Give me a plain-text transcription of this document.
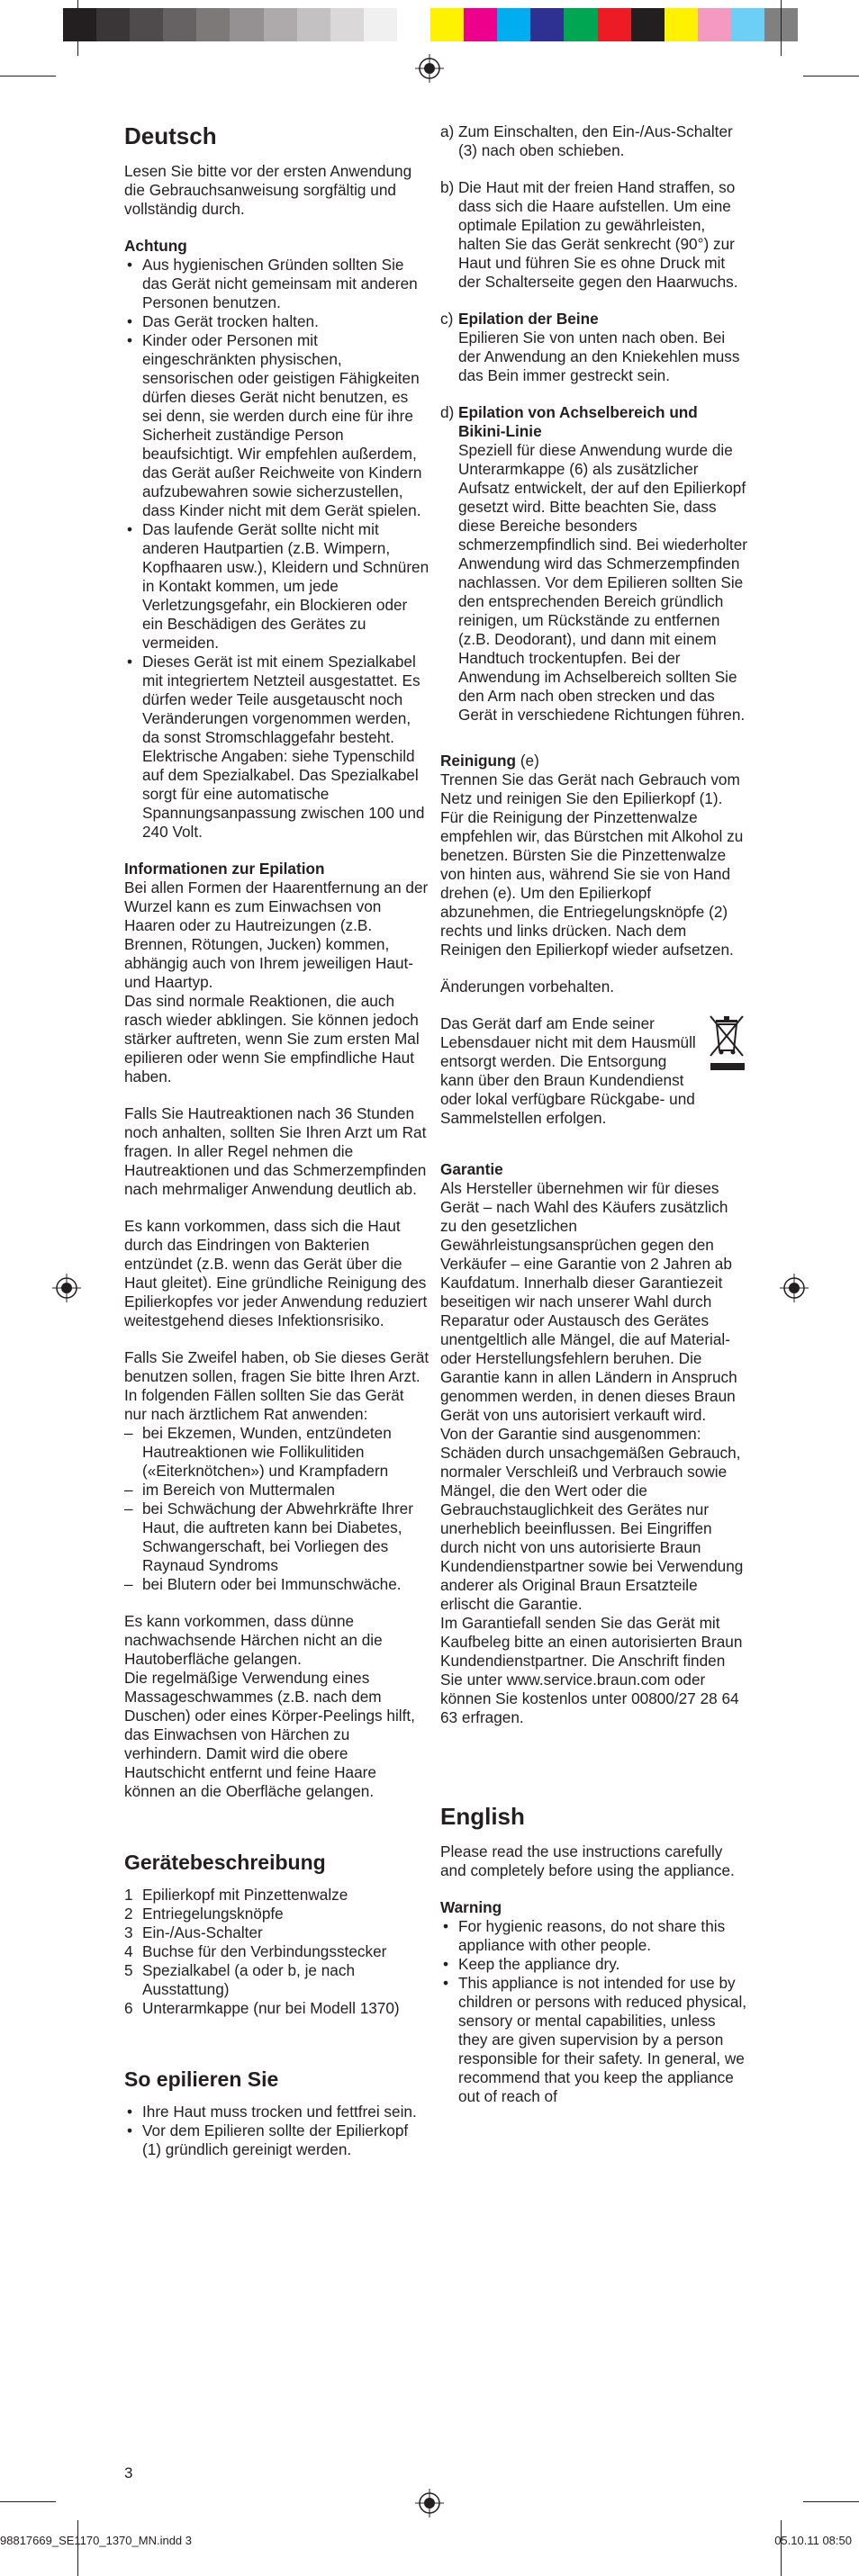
Deutsch

Lesen Sie bitte vor der ersten Anwendung die Gebrauchsanweisung sorgfältig und vollständig durch.

Achtung
• Aus hygienischen Gründen sollten Sie das Gerät nicht gemeinsam mit anderen Personen benutzen.
• Das Gerät trocken halten.
• Kinder oder Personen mit eingeschränkten physischen, sensorischen oder geistigen Fähigkeiten dürfen dieses Gerät nicht benutzen, es sei denn, sie werden durch eine für ihre Sicherheit zuständige Person beaufsichtigt. Wir empfehlen außerdem, das Gerät außer Reichweite von Kindern aufzubewahren sowie sicherzustellen, dass Kinder nicht mit dem Gerät spielen.
• Das laufende Gerät sollte nicht mit anderen Hautpartien (z.B. Wimpern, Kopfhaaren usw.), Kleidern und Schnüren in Kontakt kommen, um jede Verletzungsgefahr, ein Blockieren oder ein Beschädigen des Gerätes zu vermeiden.
• Dieses Gerät ist mit einem Spezialkabel mit integriertem Netzteil ausgestattet. Es dürfen weder Teile ausgetauscht noch Veränderungen vorgenommen werden, da sonst Stromschlaggefahr besteht. Elektrische Angaben: siehe Typenschild auf dem Spezialkabel. Das Spezialkabel sorgt für eine automatische Spannungsanpassung zwischen 100 und 240 Volt.
Informationen zur Epilation

Bei allen Formen der Haarentfernung an der Wurzel kann es zum Einwachsen von Haaren oder zu Hautreizungen (z.B. Brennen, Rötungen, Jucken) kommen, abhängig auch von Ihrem jeweiligen Haut- und Haartyp.

Das sind normale Reaktionen, die auch rasch wieder abklingen. Sie können jedoch stärker auftreten, wenn Sie zum ersten Mal epilieren oder wenn Sie empfindliche Haut haben.

Falls Sie Hautreaktionen nach 36 Stunden noch anhalten, sollten Sie Ihren Arzt um Rat fragen. In aller Regel nehmen die Hautreaktionen und das Schmerzempfinden nach mehrmaliger Anwendung deutlich ab.

Es kann vorkommen, dass sich die Haut durch das Eindringen von Bakterien entzündet (z.B. wenn das Gerät über die Haut gleitet). Eine gründliche Reinigung des Epilierkopfes vor jeder Anwendung reduziert weitestgehend dieses Infektionsrisiko.

Falls Sie Zweifel haben, ob Sie dieses Gerät benutzen sollen, fragen Sie bitte Ihren Arzt. In folgenden Fällen sollten Sie das Gerät nur nach ärztlichem Rat anwenden:

– bei Ekzemen, Wunden, entzündeten Hautreaktionen wie Follikulitiden («Eiterknötchen») und Krampfadern
– im Bereich von Muttermalen
– bei Schwächung der Abwehrkräfte Ihrer Haut, die auftreten kann bei Diabetes, Schwangerschaft, bei Vorliegen des Raynaud Syndroms
– bei Blutern oder bei Immunschwäche.

Es kann vorkommen, dass dünne nachwachsende Härchen nicht an die Hautoberfläche gelangen.

Die regelmäßige Verwendung eines Massageschwammes (z.B. nach dem Duschen) oder eines Körper-Peelings hilft, das Einwachsen von Härchen zu verhindern. Damit wird die obere Hautschicht entfernt und feine Haare können an die Oberfläche gelangen.

Gerätebeschreibung
1 Epilierkopf mit Pinzettenwalze
2 Entriegelungsknöpfe
3 Ein-/Aus-Schalter
4 Buchse für den Verbindungsstecker
5 Spezialkabel (a oder b, je nach Ausstattung)
6 Unterarmkappe (nur bei Modell 1370)
So epilieren Sie
• Ihre Haut muss trocken und fettfrei sein.
• Vor dem Epilieren sollte der Epilierkopf (1) gründlich gereinigt werden.
a) Zum Einschalten, den Ein-/Aus-Schalter (3) nach oben schieben.
b) Die Haut mit der freien Hand straffen, so dass sich die Haare aufstellen. Um eine optimale Epilation zu gewährleisten, halten Sie das Gerät senkrecht (90°) zur Haut und führen Sie es ohne Druck mit der Schalterseite gegen den Haarwuchs.
c) Epilation der Beine
Epilieren Sie von unten nach oben. Bei der Anwendung an den Kniekehlen muss das Bein immer gestreckt sein.
d) Epilation von Achselbereich und Bikini-Linie
Speziell für diese Anwendung wurde die Unterarmkappe (6) als zusätzlicher Aufsatz entwickelt, der auf den Epilierkopf gesetzt wird. Bitte beachten Sie, dass diese Bereiche besonders schmerzempfindlich sind. Bei wiederholter Anwendung wird das Schmerzempfinden nachlassen. Vor dem Epilieren sollten Sie den entsprechenden Bereich gründlich reinigen, um Rückstände zu entfernen (z.B. Deodorant), und dann mit einem Handtuch trockentupfen. Bei der Anwendung im Achselbereich sollten Sie den Arm nach oben strecken und das Gerät in verschiedene Richtungen führen.
Reinigung (e)

Trennen Sie das Gerät nach Gebrauch vom Netz und reinigen Sie den Epilierkopf (1).

Für die Reinigung der Pinzettenwalze empfehlen wir, das Bürstchen mit Alkohol zu benetzen. Bürsten Sie die Pinzettenwalze von hinten aus, während Sie sie von Hand drehen (e). Um den Epilierkopf abzunehmen, die Entriegelungsknöpfe (2) rechts und links drücken. Nach dem Reinigen den Epilierkopf wieder aufsetzen.

Änderungen vorbehalten.

Das Gerät darf am Ende seiner Lebensdauer nicht mit dem Hausmüll entsorgt werden. Die Entsorgung kann über den Braun Kundendienst oder lokal verfügbare Rückgabe- und Sammelstellen erfolgen.
Garantie

Als Hersteller übernehmen wir für dieses Gerät – nach Wahl des Käufers zusätzlich zu den gesetzlichen Gewährleistungsansprüchen gegen den Verkäufer – eine Garantie von 2 Jahren ab Kaufdatum. Innerhalb dieser Garantiezeit beseitigen wir nach unserer Wahl durch Reparatur oder Austausch des Gerätes unentgeltlich alle Mängel, die auf Material- oder Herstellungsfehlern beruhen. Die Garantie kann in allen Ländern in Anspruch genommen werden, in denen dieses Braun Gerät von uns autorisiert verkauft wird.

Von der Garantie sind ausgenommen: Schäden durch unsachgemäßen Gebrauch, normaler Verschleiß und Verbrauch sowie Mängel, die den Wert oder die Gebrauchstauglichkeit des Gerätes nur unerheblich beeinflussen. Bei Eingriffen durch nicht von uns autorisierte Braun Kundendienstpartner sowie bei Verwendung anderer als Original Braun Ersatzteile erlischt die Garantie.

Im Garantiefall senden Sie das Gerät mit Kaufbeleg bitte an einen autorisierten Braun Kundendienstpartner. Die Anschrift finden Sie unter www.service.braun.com oder können Sie kostenlos unter 00800/27 28 64 63 erfragen.

English

Please read the use instructions carefully and completely before using the appliance.

Warning
• For hygienic reasons, do not share this appliance with other people.
• Keep the appliance dry.
• This appliance is not intended for use by children or persons with reduced physical, sensory or mental capabilities, unless they are given supervision by a person responsible for their safety. In general, we recommend that you keep the appliance out of reach of
3
98817669_SE1170_1370_MN.indd 3	05.10.11 08:50
